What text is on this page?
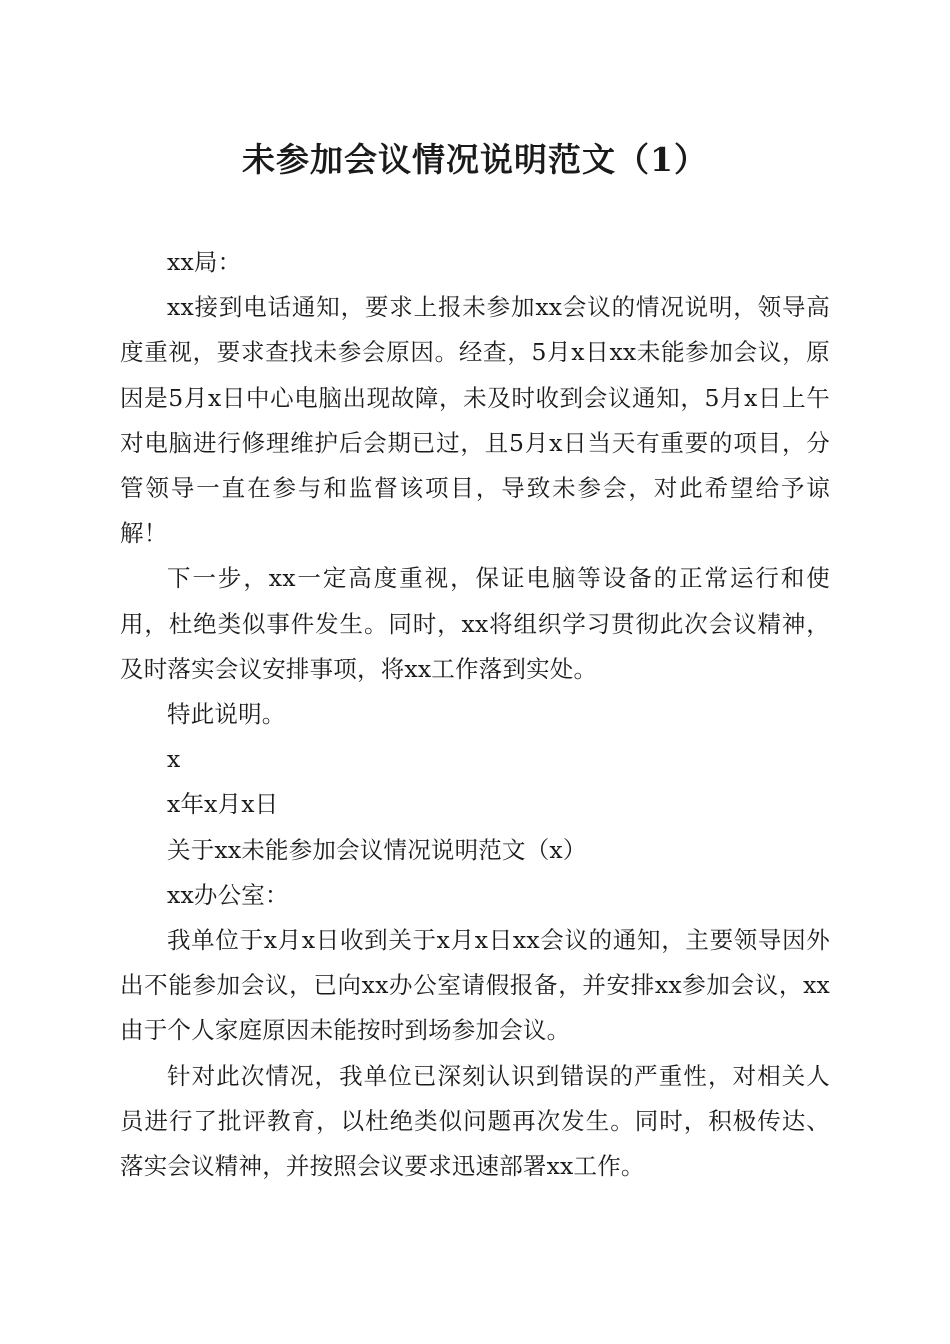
未参加会议情况说明范文（1）

xx局：

xx接到电话通知，要求上报未参加xx会议的情况说明，领导高度重视，要求查找未参会原因。经查，5月x日xx未能参加会议，原因是5月x日中心电脑出现故障，未及时收到会议通知，5月x日上午对电脑进行修理维护后会期已过，且5月x日当天有重要的项目，分管领导一直在参与和监督该项目，导致未参会，对此希望给予谅解！

下一步，xx一定高度重视，保证电脑等设备的正常运行和使用，杜绝类似事件发生。同时，xx将组织学习贯彻此次会议精神，及时落实会议安排事项，将xx工作落到实处。

特此说明。

x

x年x月x日

关于xx未能参加会议情况说明范文（x）

xx办公室：

我单位于x月x日收到关于x月x日xx会议的通知，主要领导因外出不能参加会议，已向xx办公室请假报备，并安排xx参加会议，xx由于个人家庭原因未能按时到场参加会议。

针对此次情况，我单位已深刻认识到错误的严重性，对相关人员进行了批评教育，以杜绝类似问题再次发生。同时，积极传达、落实会议精神，并按照会议要求迅速部署xx工作。
